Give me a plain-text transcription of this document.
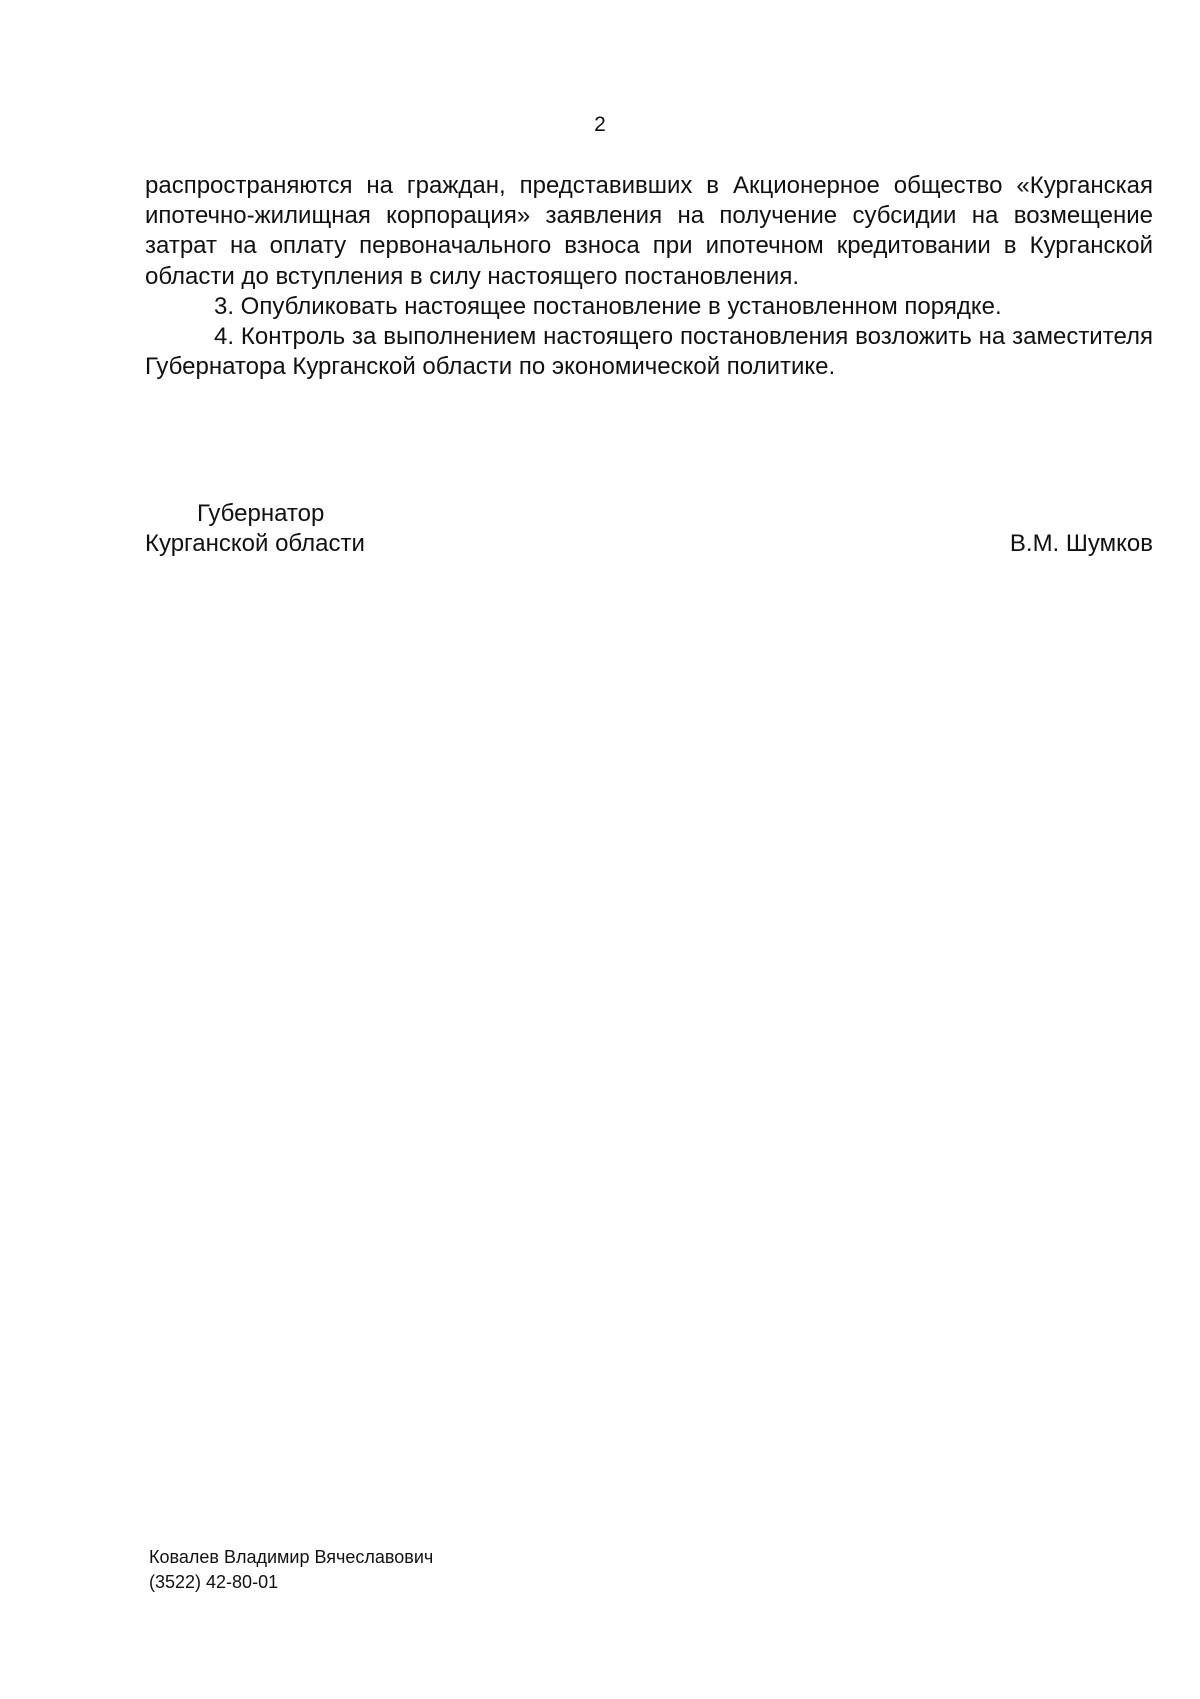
2

распространяются на граждан, представивших в Акционерное общество «Курганская ипотечно-жилищная корпорация» заявления на получение субсидии на возмещение затрат на оплату первоначального взноса при ипотечном кредитовании в Курганской области до вступления в силу настоящего постановления.

3. Опубликовать настоящее постановление в установленном порядке.

4. Контроль за выполнением настоящего постановления возложить на заместителя Губернатора Курганской области по экономической политике.

Губернатор
Курганской области	В.М. Шумков
Ковалев Владимир Вячеславович
(3522) 42-80-01
